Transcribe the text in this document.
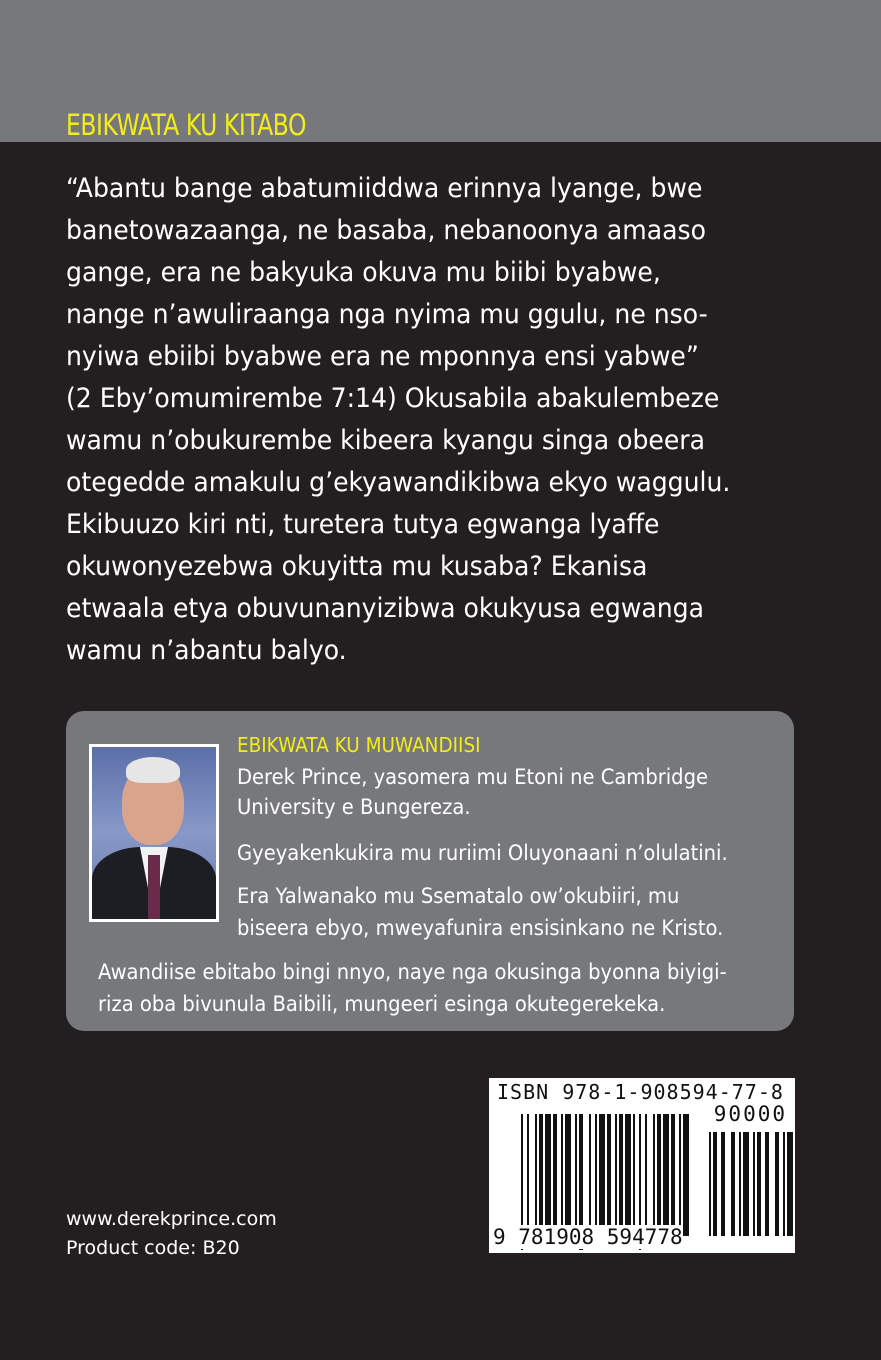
EBIKWATA KU KITABO
“Abantu bange abatumiiddwa erinnya lyange, bwe
banetowazaanga, ne basaba, nebanoonya amaaso
gange, era ne bakyuka okuva mu biibi byabwe,
nange n’awuliraanga nga nyima mu ggulu, ne nso-
nyiwa ebiibi byabwe era ne mponnya ensi yabwe”
(2 Eby’omumirembe 7:14) Okusabila abakulembeze
wamu n’obukurembe kibeera kyangu singa obeera
otegedde amakulu g’ekyawandikibwa ekyo waggulu.
Ekibuuzo kiri nti, turetera tutya egwanga lyaffe
okuwonyezebwa okuyitta mu kusaba? Ekanisa
etwaala etya obuvunanyizibwa okukyusa egwanga
wamu n’abantu balyo.
EBIKWATA KU MUWANDIISI
Derek Prince, yasomera mu Etoni ne Cambridge
University e Bungereza.
Gyeyakenkukira mu ruriimi Oluyonaani n’olulatini.
Era Yalwanako mu Ssematalo ow’okubiiri, mu
biseera ebyo, mweyafunira ensisinkano ne Kristo.
Awandiise ebitabo bingi nnyo, naye nga okusinga byonna biyigi-
riza oba bivunula Baibili, mungeeri esinga okutegerekeka.
ISBN 978-1-908594-77-8
90000
9 781908 594778
www.derekprince.com
Product code: B20
